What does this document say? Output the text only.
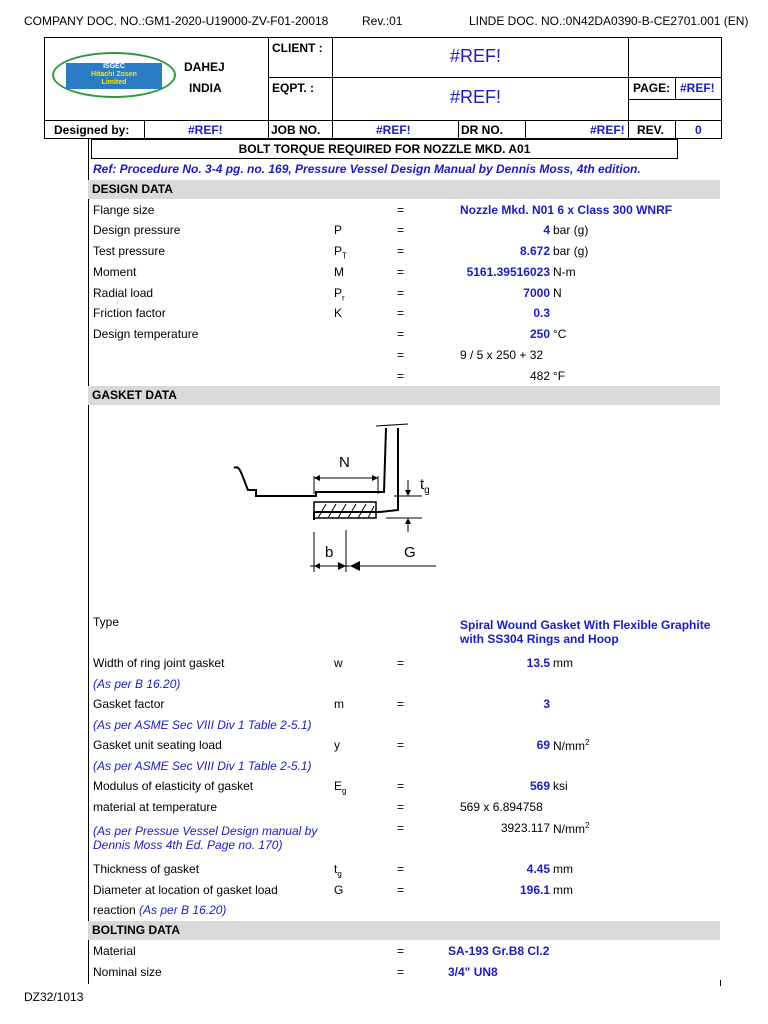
COMPANY DOC. NO.:GM1-2020-U19000-ZV-F01-20018	Rev.:01	LINDE DOC. NO.:0N42DA0390-B-CE2701.001 (EN)
ISGEC
Hitachi Zosen
Limited
DAHEJ
INDIA
CLIENT :	#REF!
EQPT. :	#REF!	PAGE: #REF!
Designed by:	#REF!	JOB NO.	#REF!	DR NO.	#REF! REV.	0
BOLT TORQUE REQUIRED FOR NOZZLE MKD. A01
Ref: Procedure No. 3-4 pg. no. 169, Pressure Vessel Design Manual by Dennis Moss, 4th edition.
DESIGN DATA
Flange size	=	Nozzle Mkd. N01 6 x Class 300 WNRF
Design pressure	P	=	4 bar (g)
Test pressure	$P_T$	=	8.672 bar (g)
Moment	M	=	5161.39516023 N-m
Radial load	$P_r$	=	7000 N
Friction factor	K	=	0.3
Design temperature	=	250 °C
=	9 / 5 x 250 + 32
=	482 °F
GASKET DATA
N
$t_g$
b	G
Type	Spiral Wound Gasket With Flexible Graphite
with SS304 Rings and Hoop
Width of ring joint gasket	w	=	13.5 mm
(As per B 16.20)
Gasket factor	m	=	3
(As per ASME Sec VIII Div 1 Table 2-5.1)
Gasket unit seating load	y	=	69 $N/mm^2$
(As per ASME Sec VIII Div 1 Table 2-5.1)
Modulus of elasticity of gasket	$E_g$	=	569 ksi
material at temperature	=	569 x 6.894758
=	3923.117 $N/mm^2$
(As per Pressue Vessel Design manual by
Dennis Moss 4th Ed. Page no. 170)
Thickness of gasket	$t_g$	=	4.45 mm
Diameter at location of gasket load	G	=	196.1 mm
reaction (As per B 16.20)
BOLTING DATA
Material	=	SA-193 Gr.B8 Cl.2
Nominal size	=	3/4" UN8
DZ32/1013
